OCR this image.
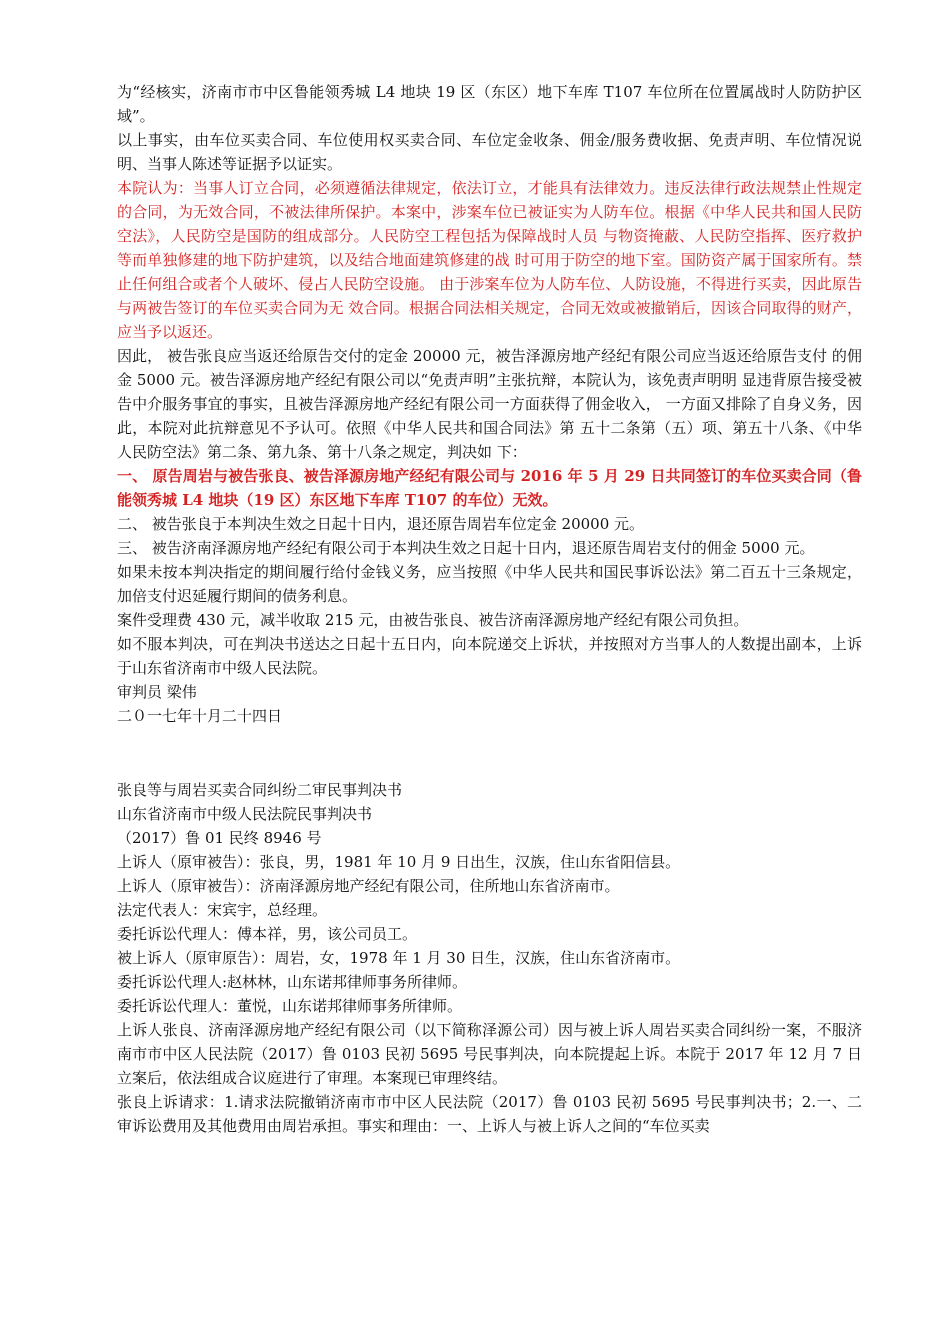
为“经核实，济南市市中区鲁能领秀城 L4 地块 19 区（东区）地下车库 T107 车位所在位置属战时人防防护区域”。

以上事实，由车位买卖合同、车位使用权买卖合同、车位定金收条、佣金/服务费收据、免责声明、车位情况说明、当事人陈述等证据予以证实。

本院认为：当事人订立合同，必须遵循法律规定，依法订立，才能具有法律效力。违反法律行政法规禁止性规定的合同，为无效合同，不被法律所保护。本案中，涉案车位已被证实为人防车位。根据《中华人民共和国人民防空法》，人民防空是国防的组成部分。人民防空工程包括为保障战时人员 与物资掩蔽、人民防空指挥、医疗救护等而单独修建的地下防护建筑，以及结合地面建筑修建的战 时可用于防空的地下室。国防资产属于国家所有。禁止任何组合或者个人破坏、侵占人民防空设施。 由于涉案车位为人防车位、人防设施，不得进行买卖，因此原告与两被告签订的车位买卖合同为无 效合同。根据合同法相关规定，合同无效或被撤销后，因该合同取得的财产，应当予以返还。

因此， 被告张良应当返还给原告交付的定金 20000 元，被告泽源房地产经纪有限公司应当返还给原告支付 的佣金 5000 元。被告泽源房地产经纪有限公司以“免责声明”主张抗辩，本院认为，该免责声明明 显违背原告接受被告中介服务事宜的事实，且被告泽源房地产经纪有限公司一方面获得了佣金收入， 一方面又排除了自身义务，因此，本院对此抗辩意见不予认可。依照《中华人民共和国合同法》第 五十二条第（五）项、第五十八条、《中华人民防空法》第二条、第九条、第十八条之规定，判决如 下：

一、 原告周岩与被告张良、被告泽源房地产经纪有限公司与 2016 年 5 月 29 日共同签订的车位买卖合同（鲁能领秀城 L4 地块（19 区）东区地下车库 T107 的车位）无效。

二、 被告张良于本判决生效之日起十日内，退还原告周岩车位定金 20000 元。

三、 被告济南泽源房地产经纪有限公司于本判决生效之日起十日内，退还原告周岩支付的佣金 5000 元。

如果未按本判决指定的期间履行给付金钱义务，应当按照《中华人民共和国民事诉讼法》第二百五十三条规定，加倍支付迟延履行期间的债务利息。

案件受理费 430 元，减半收取 215 元，由被告张良、被告济南泽源房地产经纪有限公司负担。

如不服本判决，可在判决书送达之日起十五日内，向本院递交上诉状，并按照对方当事人的人数提出副本，上诉于山东省济南市中级人民法院。

审判员 梁伟

二０一七年十月二十四日

张良等与周岩买卖合同纠纷二审民事判决书

山东省济南市中级人民法院民事判决书

（2017）鲁 01 民终 8946 号

上诉人（原审被告）：张良，男，1981 年 10 月 9 日出生，汉族，住山东省阳信县。

上诉人（原审被告）：济南泽源房地产经纪有限公司，住所地山东省济南市。

法定代表人：宋宾宇，总经理。

委托诉讼代理人：傅本祥，男，该公司员工。

被上诉人（原审原告）：周岩，女，1978 年 1 月 30 日生，汉族，住山东省济南市。

委托诉讼代理人:赵林林，山东诺邦律师事务所律师。

委托诉讼代理人：董悦，山东诺邦律师事务所律师。

上诉人张良、济南泽源房地产经纪有限公司（以下简称泽源公司）因与被上诉人周岩买卖合同纠纷一案，不服济南市市中区人民法院（2017）鲁 0103 民初 5695 号民事判决，向本院提起上诉。本院于 2017 年 12 月 7 日立案后，依法组成合议庭进行了审理。本案现已审理终结。

张良上诉请求：1.请求法院撤销济南市市中区人民法院（2017）鲁 0103 民初 5695 号民事判决书；2.一、二审诉讼费用及其他费用由周岩承担。事实和理由：一、上诉人与被上诉人之间的“车位买卖
